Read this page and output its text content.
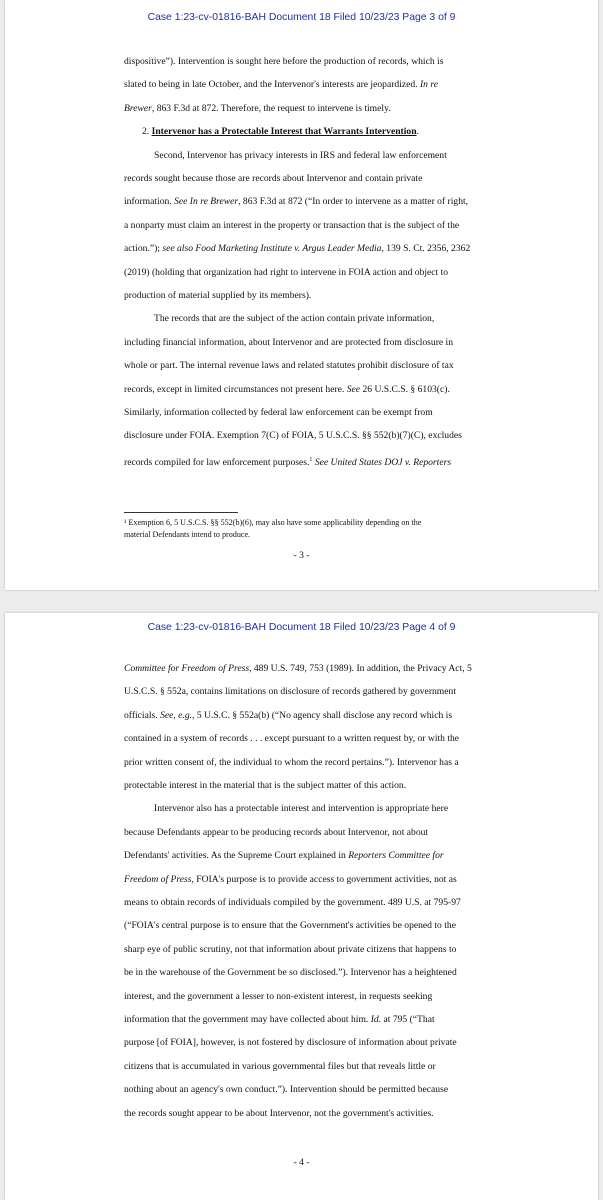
Case 1:23-cv-01816-BAH Document 18 Filed 10/23/23 Page 3 of 9
dispositive”). Intervention is sought here before the production of records, which is
slated to being in late October, and the Intervenor's interests are jeopardized. In re
Brewer, 863 F.3d at 872. Therefore, the request to intervene is timely.
2. Intervenor has a Protectable Interest that Warrants Intervention.
Second, Intervenor has privacy interests in IRS and federal law enforcement
records sought because those are records about Intervenor and contain private
information. See In re Brewer, 863 F.3d at 872 (“In order to intervene as a matter of right,
a nonparty must claim an interest in the property or transaction that is the subject of the
action.”); see also Food Marketing Institute v. Argus Leader Media, 139 S. Ct. 2356, 2362
(2019) (holding that organization had right to intervene in FOIA action and object to
production of material supplied by its members).
The records that are the subject of the action contain private information,
including financial information, about Intervenor and are protected from disclosure in
whole or part. The internal revenue laws and related statutes prohibit disclosure of tax
records, except in limited circumstances not present here. See 26 U.S.C.S. § 6103(c).
Similarly, information collected by federal law enforcement can be exempt from
disclosure under FOIA. Exemption 7(C) of FOIA, 5 U.S.C.S. §§ 552(b)(7)(C), excludes
records compiled for law enforcement purposes.$^1$ See United States DOJ v. Reporters
¹ Exemption 6, 5 U.S.C.S. §§ 552(b)(6), may also have some applicability depending on the
material Defendants intend to produce.
- 3 -
Case 1:23-cv-01816-BAH Document 18 Filed 10/23/23 Page 4 of 9
Committee for Freedom of Press, 489 U.S. 749, 753 (1989). In addition, the Privacy Act, 5
U.S.C.S. § 552a, contains limitations on disclosure of records gathered by government
officials. See, e.g., 5 U.S.C. § 552a(b) (“No agency shall disclose any record which is
contained in a system of records . . . except pursuant to a written request by, or with the
prior written consent of, the individual to whom the record pertains.”). Intervenor has a
protectable interest in the material that is the subject matter of this action.
Intervenor also has a protectable interest and intervention is appropriate here
because Defendants appear to be producing records about Intervenor, not about
Defendants' activities. As the Supreme Court explained in Reporters Committee for
Freedom of Press, FOIA's purpose is to provide access to government activities, not as
means to obtain records of individuals compiled by the government. 489 U.S. at 795-97
(“FOIA's central purpose is to ensure that the Government's activities be opened to the
sharp eye of public scrutiny, not that information about private citizens that happens to
be in the warehouse of the Government be so disclosed.”). Intervenor has a heightened
interest, and the government a lesser to non-existent interest, in requests seeking
information that the government may have collected about him. Id. at 795 (“That
purpose [of FOIA], however, is not fostered by disclosure of information about private
citizens that is accumulated in various governmental files but that reveals little or
nothing about an agency's own conduct.”). Intervention should be permitted because
the records sought appear to be about Intervenor, not the government's activities.
- 4 -
